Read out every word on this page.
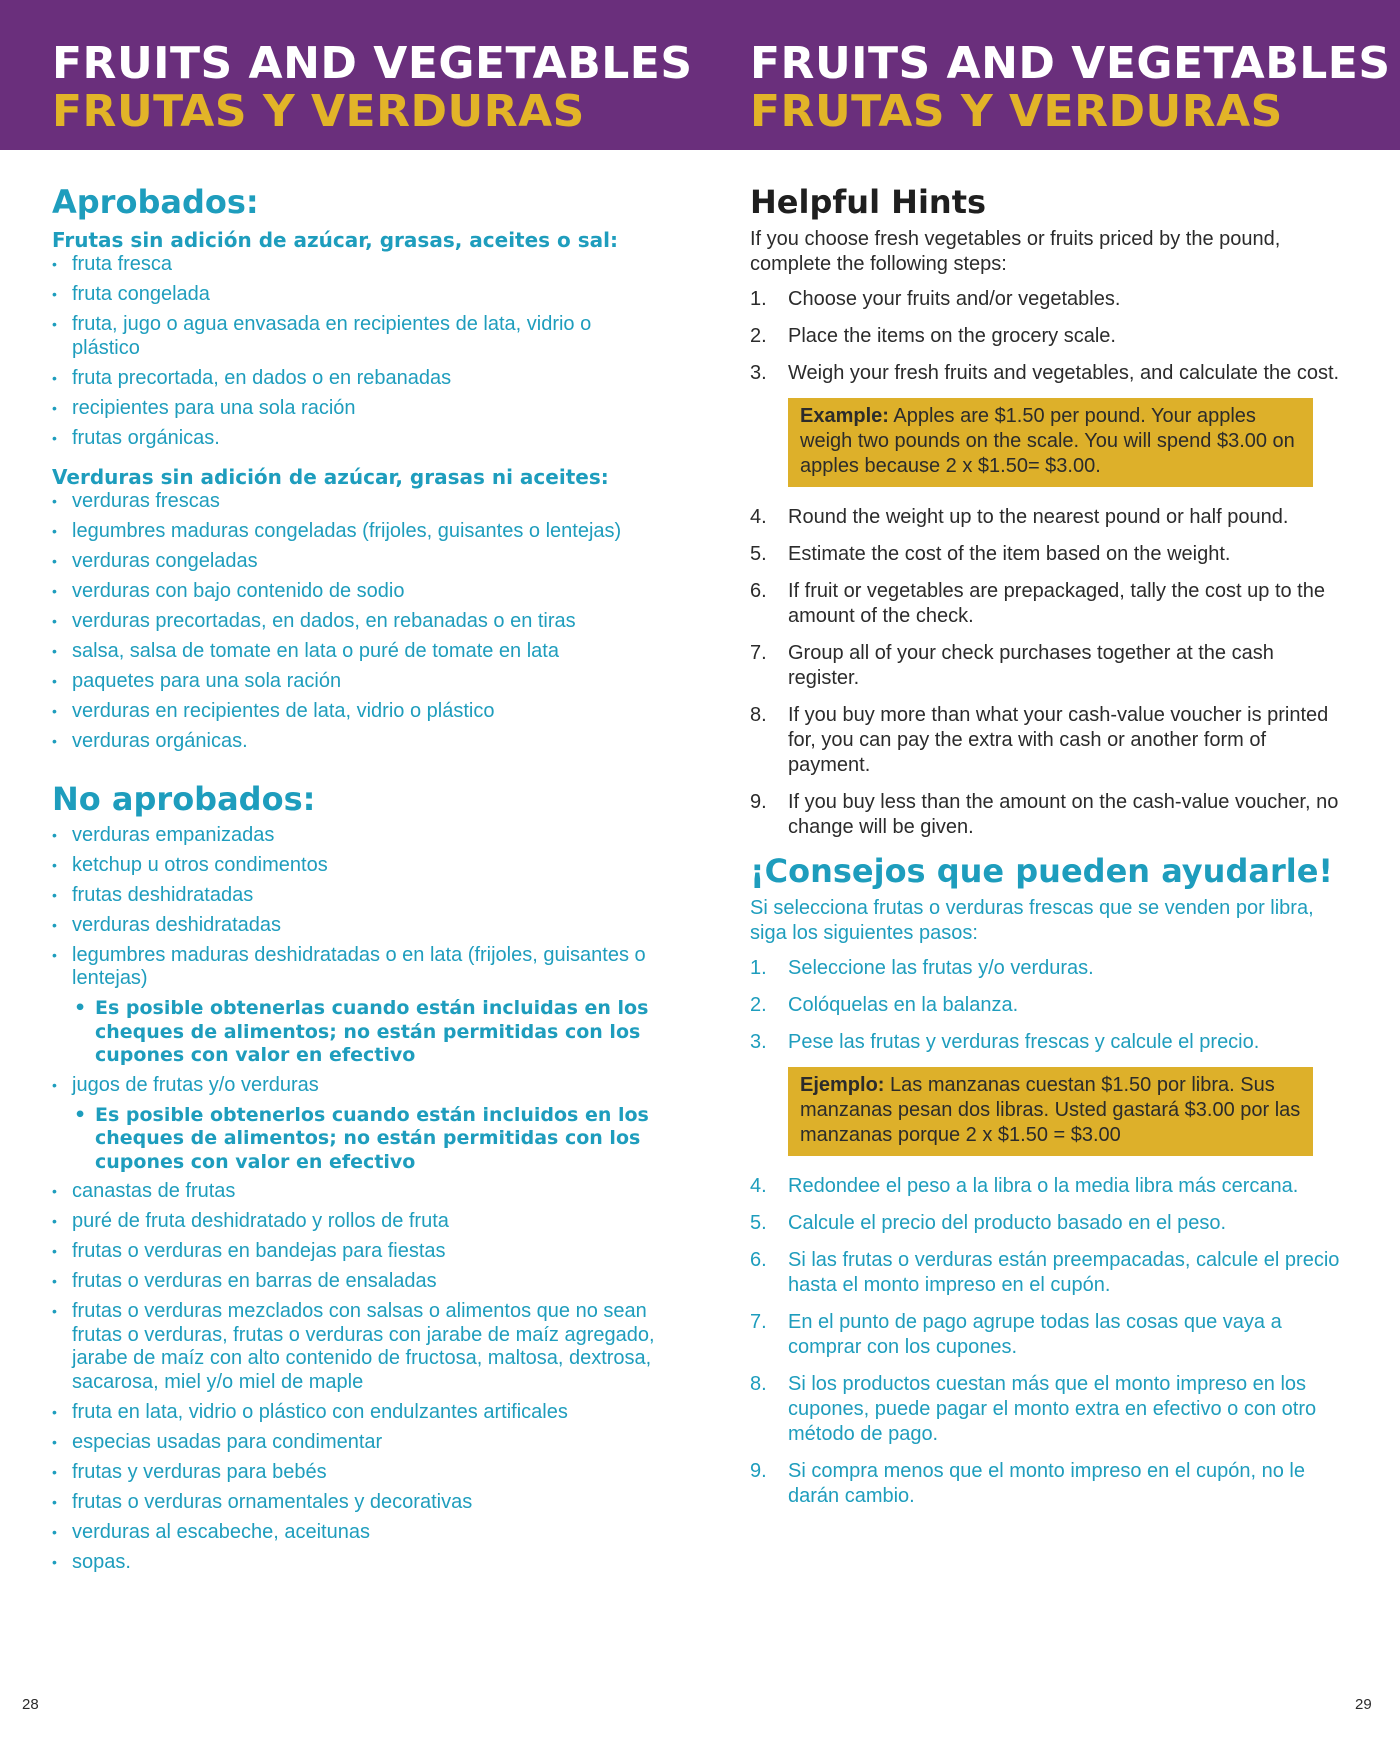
FRUITS AND VEGETABLES
FRUTAS Y VERDURAS
FRUITS AND VEGETABLES
FRUTAS Y VERDURAS
Aprobados:
Frutas sin adición de azúcar, grasas, aceites o sal:
• fruta fresca
• fruta congelada
• fruta, jugo o agua envasada en recipientes de lata, vidrio o plástico
• fruta precortada, en dados o en rebanadas
• recipientes para una sola ración
• frutas orgánicas.
Verduras sin adición de azúcar, grasas ni aceites:
• verduras frescas
• legumbres maduras congeladas (frijoles, guisantes o lentejas)
• verduras congeladas
• verduras con bajo contenido de sodio
• verduras precortadas, en dados, en rebanadas o en tiras
• salsa, salsa de tomate en lata o puré de tomate en lata
• paquetes para una sola ración
• verduras en recipientes de lata, vidrio o plástico
• verduras orgánicas.
No aprobados:
• verduras empanizadas
• ketchup u otros condimentos
• frutas deshidratadas
• verduras deshidratadas
• legumbres maduras deshidratadas o en lata (frijoles, guisantes o lentejas)
• Es posible obtenerlas cuando están incluidas en los cheques de alimentos; no están permitidas con los cupones con valor en efectivo
• jugos de frutas y/o verduras
• Es posible obtenerlos cuando están incluidos en los cheques de alimentos; no están permitidas con los cupones con valor en efectivo
• canastas de frutas
• puré de fruta deshidratado y rollos de fruta
• frutas o verduras en bandejas para fiestas
• frutas o verduras en barras de ensaladas
• frutas o verduras mezclados con salsas o alimentos que no sean frutas o verduras, frutas o verduras con jarabe de maíz agregado, jarabe de maíz con alto contenido de fructosa, maltosa, dextrosa, sacarosa, miel y/o miel de maple
• fruta en lata, vidrio o plástico con endulzantes artificales
• especias usadas para condimentar
• frutas y verduras para bebés
• frutas o verduras ornamentales y decorativas
• verduras al escabeche, aceitunas
• sopas.
Helpful Hints

If you choose fresh vegetables or fruits priced by the pound, complete the following steps:

1. Choose your fruits and/or vegetables.
2. Place the items on the grocery scale.
3. Weigh your fresh fruits and vegetables, and calculate the cost.
Example: Apples are $1.50 per pound. Your apples weigh two pounds on the scale. You will spend $3.00 on apples because 2 x $1.50= $3.00.
4. Round the weight up to the nearest pound or half pound.
5. Estimate the cost of the item based on the weight.
6. If fruit or vegetables are prepackaged, tally the cost up to the amount of the check.
7. Group all of your check purchases together at the cash register.
8. If you buy more than what your cash-value voucher is printed for, you can pay the extra with cash or another form of payment.
9. If you buy less than the amount on the cash-value voucher, no change will be given.
¡Consejos que pueden ayudarle!

Si selecciona frutas o verduras frescas que se venden por libra, siga los siguientes pasos:

1. Seleccione las frutas y/o verduras.
2. Colóquelas en la balanza.
3. Pese las frutas y verduras frescas y calcule el precio.
Ejemplo: Las manzanas cuestan $1.50 por libra. Sus manzanas pesan dos libras. Usted gastará $3.00 por las manzanas porque 2 x $1.50 = $3.00
4. Redondee el peso a la libra o la media libra más cercana.
5. Calcule el precio del producto basado en el peso.
6. Si las frutas o verduras están preempacadas, calcule el precio hasta el monto impreso en el cupón.
7. En el punto de pago agrupe todas las cosas que vaya a comprar con los cupones.
8. Si los productos cuestan más que el monto impreso en los cupones, puede pagar el monto extra en efectivo o con otro método de pago.
9. Si compra menos que el monto impreso en el cupón, no le darán cambio.
28	29
